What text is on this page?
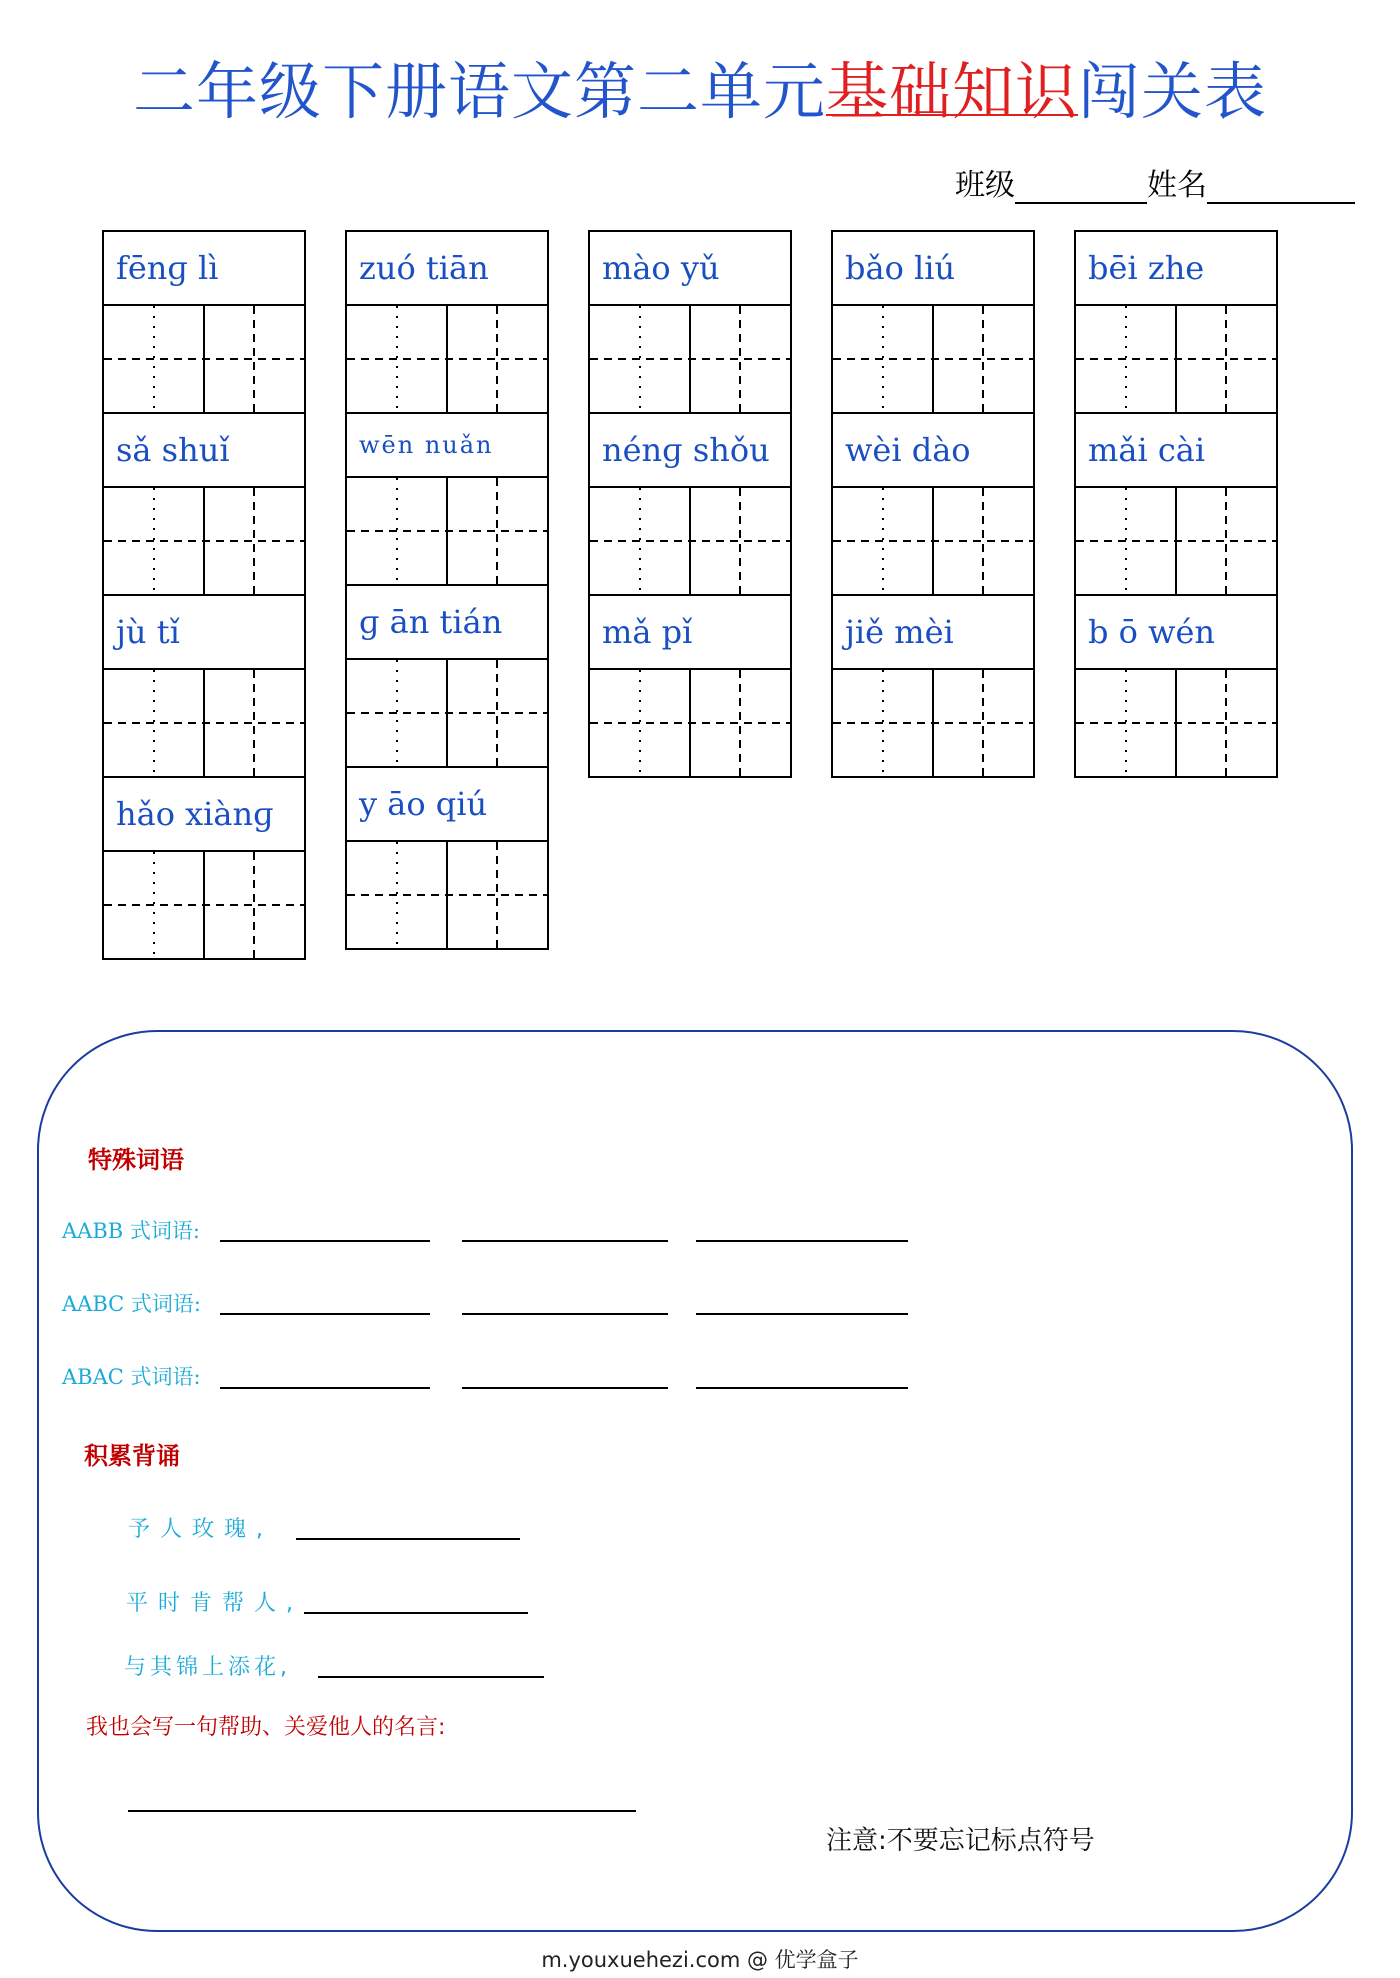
二年级下册语文第二单元基础知识闯关表
班级	姓名
fēnɡ lì
sǎ shuǐ
jù tǐ
hǎo xiànɡ
zuó tiān
wēn nuǎn
ɡ ān tián
y āo qiú
mào yǔ
nénɡ shǒu
mǎ pǐ
bǎo liú
wèi dào
jiě mèi
bēi zhe
mǎi cài
b ō wén
特殊词语
AABB 式词语:
AABC 式词语:
ABAC 式词语:
积累背诵
予人玫瑰,
平时肯帮人,
与其锦上添花,
我也会写一句帮助、关爱他人的名言:
注意:不要忘记标点符号
m.youxuehezi.com @ 优学盒子
